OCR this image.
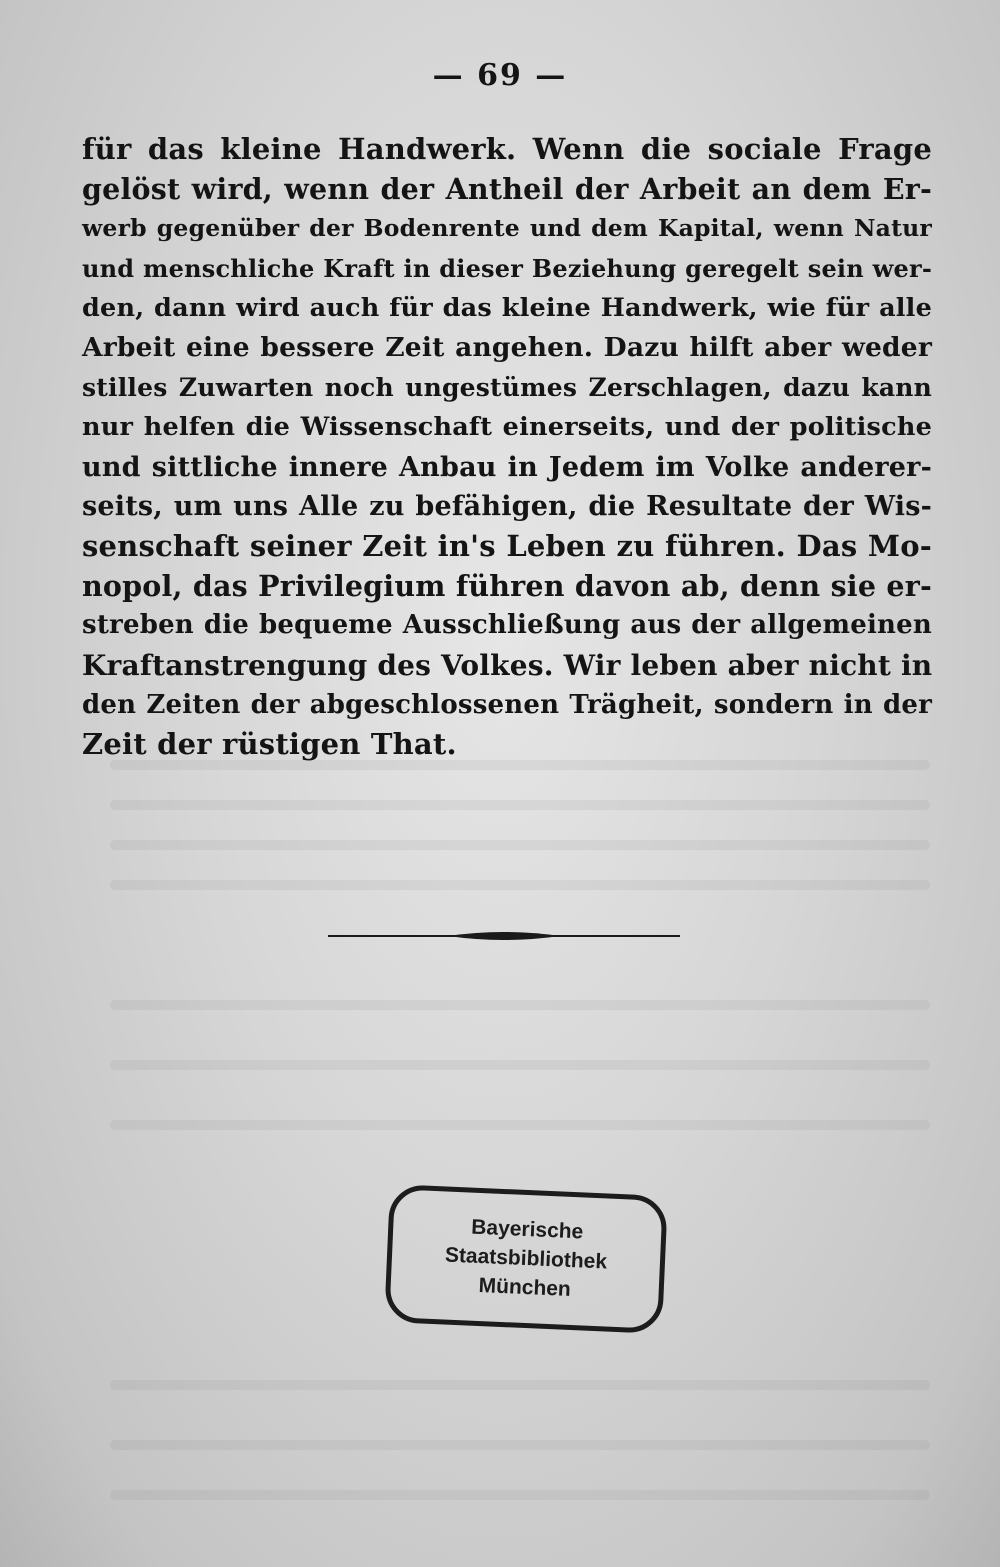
— 69 —
für das kleine Handwerk. Wenn die sociale Frage
gelöst wird, wenn der Antheil der Arbeit an dem Er-
werb gegenüber der Bodenrente und dem Kapital, wenn Natur
und menschliche Kraft in dieser Beziehung geregelt sein wer-
den, dann wird auch für das kleine Handwerk, wie für alle
Arbeit eine bessere Zeit angehen. Dazu hilft aber weder
stilles Zuwarten noch ungestümes Zerschlagen, dazu kann
nur helfen die Wissenschaft einerseits, und der politische
und sittliche innere Anbau in Jedem im Volke anderer-
seits, um uns Alle zu befähigen, die Resultate der Wis-
senschaft seiner Zeit in's Leben zu führen. Das Mo-
nopol, das Privilegium führen davon ab, denn sie er-
streben die bequeme Ausschließung aus der allgemeinen
Kraftanstrengung des Volkes. Wir leben aber nicht in
den Zeiten der abgeschlossenen Trägheit, sondern in der
Zeit der rüstigen That.
Bayerische
Staatsbibliothek
München
